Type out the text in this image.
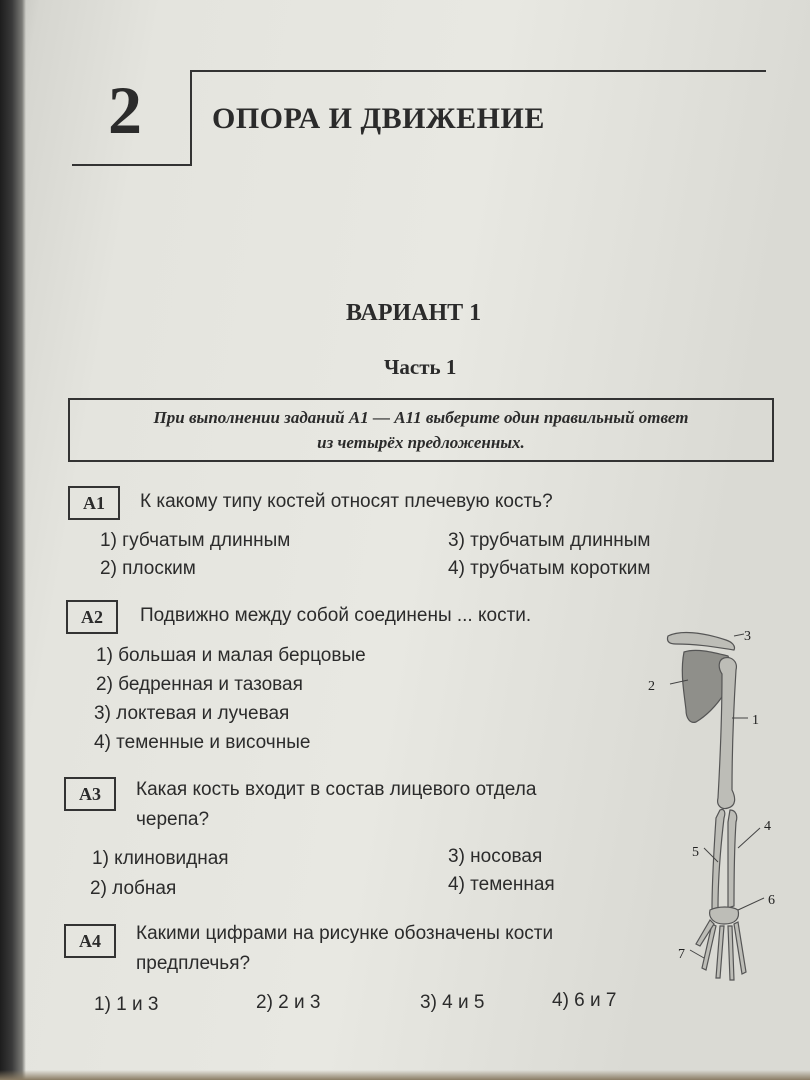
2 ОПОРА И ДВИЖЕНИЕ
ВАРИАНТ 1
Часть 1
При выполнении заданий А1 — А11 выберите один правильный ответ
из четырёх предложенных.
А1	К какому типу костей относят плечевую кость?
1) губчатым длинным
2) плоским
3) трубчатым длинным
4) трубчатым коротким
А2	Подвижно между собой соединены ... кости.
1) большая и малая берцовые
2) бедренная и тазовая
3) локтевая и лучевая
4) теменные и височные
А3	Какая кость входит в состав лицевого отдела
черепа?
1) клиновидная
2) лобная
3) носовая
4) теменная
А4	Какими цифрами на рисунке обозначены кости
предплечья?
1) 1 и 3	2) 2 и 3	3) 4 и 5	4) 6 и 7
3
2
1
4
5
6
7
